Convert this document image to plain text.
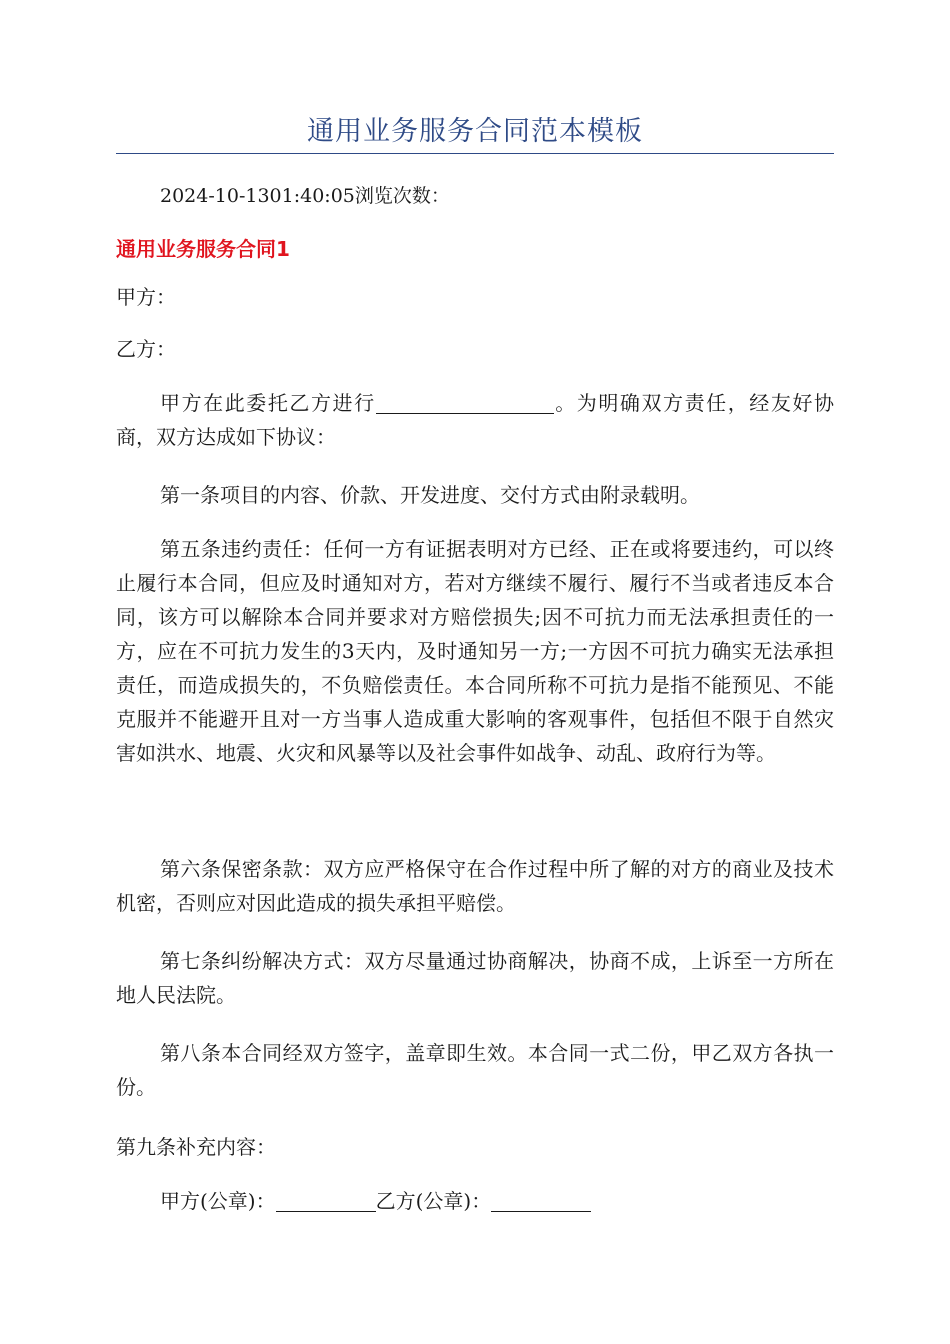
通用业务服务合同范本模板
2024-10-1301:40:05浏览次数：
通用业务服务合同1

甲方：

乙方：

甲方在此委托乙方进行	。为明确双方责任，经友好协商，双方达成如下协议：

第一条项目的内容、价款、开发进度、交付方式由附录载明。

第五条违约责任：任何一方有证据表明对方已经、正在或将要违约，可以终止履行本合同，但应及时通知对方，若对方继续不履行、履行不当或者违反本合同，该方可以解除本合同并要求对方赔偿损失;因不可抗力而无法承担责任的一方，应在不可抗力发生的3天内，及时通知另一方;一方因不可抗力确实无法承担责任，而造成损失的，不负赔偿责任。本合同所称不可抗力是指不能预见、不能克服并不能避开且对一方当事人造成重大影响的客观事件，包括但不限于自然灾害如洪水、地震、火灾和风暴等以及社会事件如战争、动乱、政府行为等。

第六条保密条款：双方应严格保守在合作过程中所了解的对方的商业及技术机密，否则应对因此造成的损失承担平赔偿。

第七条纠纷解决方式：双方尽量通过协商解决，协商不成，上诉至一方所在地人民法院。

第八条本合同经双方签字，盖章即生效。本合同一式二份，甲乙双方各执一份。

第九条补充内容：

甲方(公章)：	乙方(公章)：
